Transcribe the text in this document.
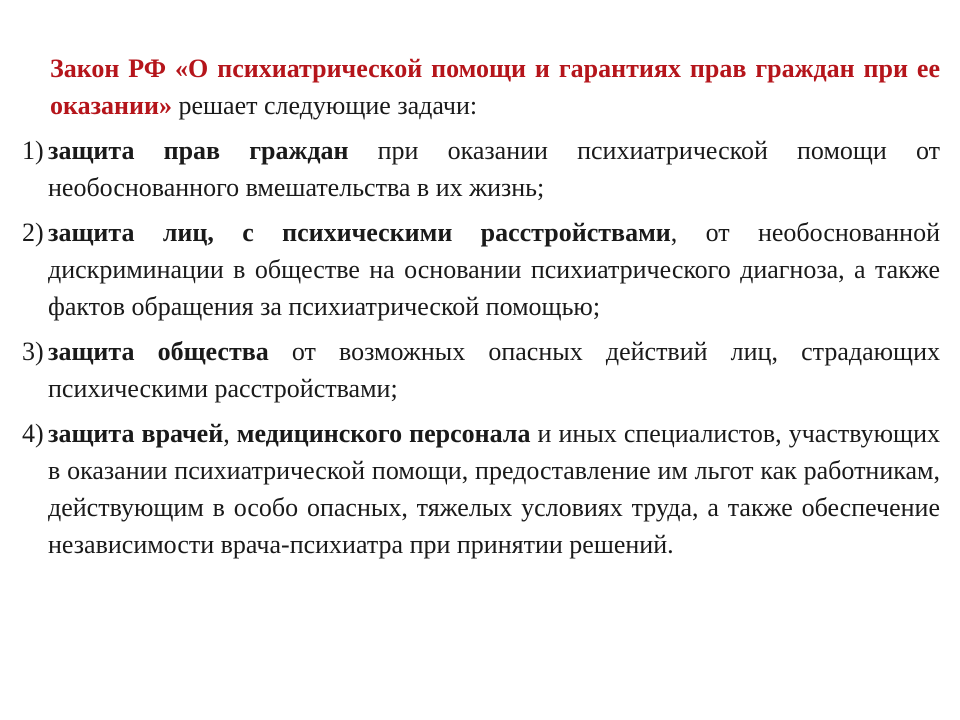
Закон РФ «О психиатрической помощи и гарантиях прав граждан при ее оказании» решает следующие задачи:

1) защита прав граждан при оказании психиатрической помощи от необоснованного вмешательства в их жизнь;
2) защита лиц, с психическими расстройствами, от необоснованной дискриминации в обществе на основании психиатрического диагноза, а также фактов обращения за психиатрической помощью;
3) защита общества от возможных опасных действий лиц, страдающих психическими расстройствами;
4) защита врачей, медицинского персонала и иных специалистов, участвующих в оказании психиатрической помощи, предоставление им льгот как работникам, действующим в особо опасных, тяжелых условиях труда, а также обеспечение независимости врача-психиатра при принятии решений.
